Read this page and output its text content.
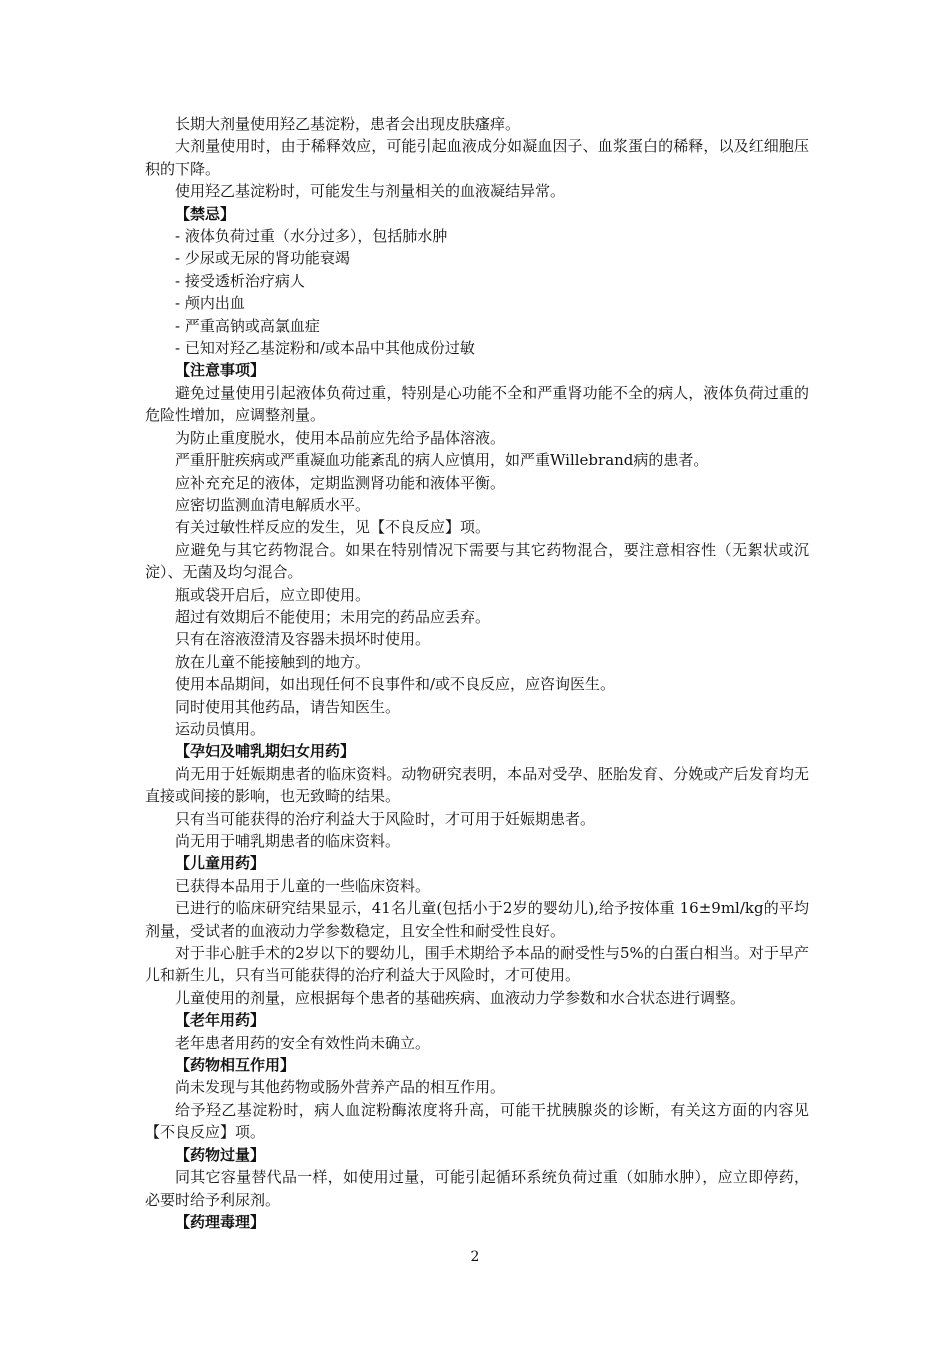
长期大剂量使用羟乙基淀粉，患者会出现皮肤瘙痒。
大剂量使用时，由于稀释效应，可能引起血液成分如凝血因子、血浆蛋白的稀释，以及红细胞压积的下降。
使用羟乙基淀粉时，可能发生与剂量相关的血液凝结异常。
【禁忌】
- 液体负荷过重（水分过多），包括肺水肿
- 少尿或无尿的肾功能衰竭
- 接受透析治疗病人
- 颅内出血
- 严重高钠或高氯血症
- 已知对羟乙基淀粉和/或本品中其他成份过敏
【注意事项】
避免过量使用引起液体负荷过重，特别是心功能不全和严重肾功能不全的病人，液体负荷过重的危险性增加，应调整剂量。
为防止重度脱水，使用本品前应先给予晶体溶液。
严重肝脏疾病或严重凝血功能紊乱的病人应慎用，如严重Willebrand病的患者。
应补充充足的液体，定期监测肾功能和液体平衡。
应密切监测血清电解质水平。
有关过敏性样反应的发生，见【不良反应】项。
应避免与其它药物混合。如果在特别情况下需要与其它药物混合，要注意相容性（无絮状或沉淀）、无菌及均匀混合。
瓶或袋开启后，应立即使用。
超过有效期后不能使用；未用完的药品应丢弃。
只有在溶液澄清及容器未损坏时使用。
放在儿童不能接触到的地方。
使用本品期间，如出现任何不良事件和/或不良反应，应咨询医生。
同时使用其他药品，请告知医生。
运动员慎用。
【孕妇及哺乳期妇女用药】
尚无用于妊娠期患者的临床资料。动物研究表明，本品对受孕、胚胎发育、分娩或产后发育均无直接或间接的影响，也无致畸的结果。
只有当可能获得的治疗利益大于风险时，才可用于妊娠期患者。
尚无用于哺乳期患者的临床资料。
【儿童用药】
已获得本品用于儿童的一些临床资料。
已进行的临床研究结果显示，41名儿童(包括小于2岁的婴幼儿),给予按体重 16±9ml/kg的平均剂量，受试者的血液动力学参数稳定，且安全性和耐受性良好。
对于非心脏手术的2岁以下的婴幼儿，围手术期给予本品的耐受性与5%的白蛋白相当。对于早产儿和新生儿，只有当可能获得的治疗利益大于风险时，才可使用。
儿童使用的剂量，应根据每个患者的基础疾病、血液动力学参数和水合状态进行调整。
【老年用药】
老年患者用药的安全有效性尚未确立。
【药物相互作用】
尚未发现与其他药物或肠外营养产品的相互作用。
给予羟乙基淀粉时，病人血淀粉酶浓度将升高，可能干扰胰腺炎的诊断，有关这方面的内容见【不良反应】项。
【药物过量】
同其它容量替代品一样，如使用过量，可能引起循环系统负荷过重（如肺水肿），应立即停药，必要时给予利尿剂。
【药理毒理】
2
